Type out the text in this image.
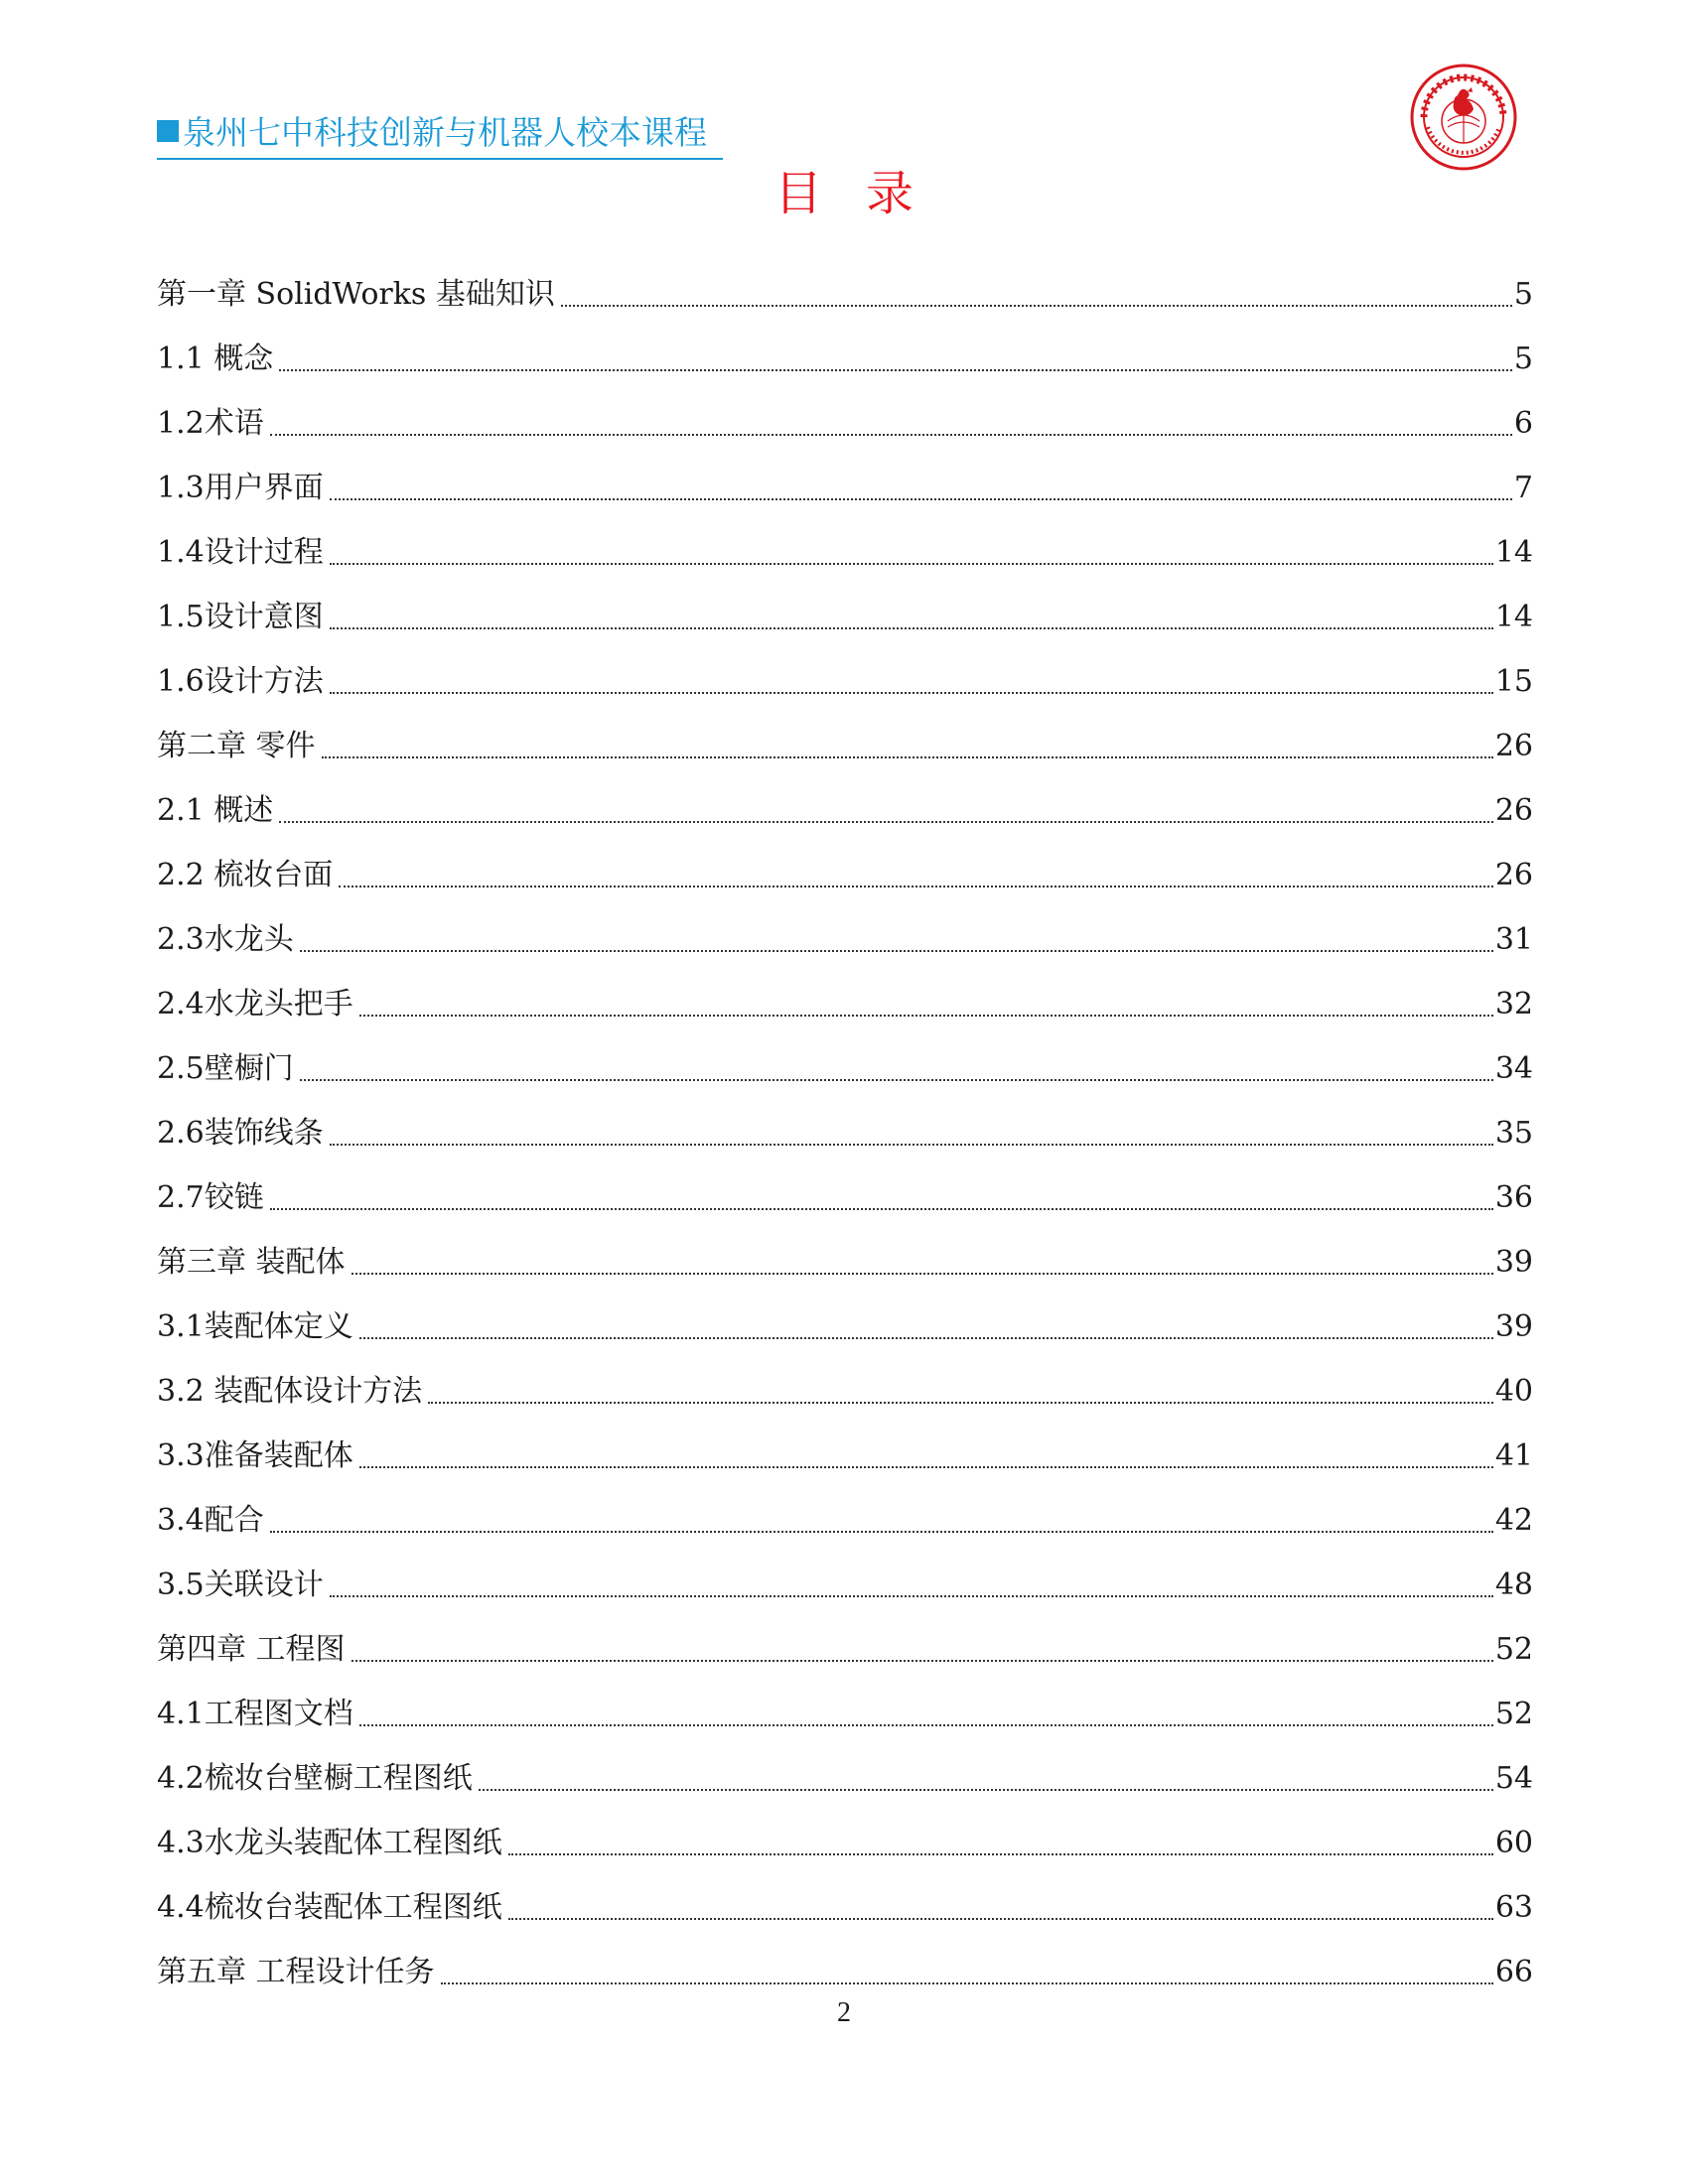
泉州七中科技创新与机器人校本课程
目录
第一章 SolidWorks 基础知识	5
1.1 概念	5
1.2术语	6
1.3用户界面	7
1.4设计过程	14
1.5设计意图	14
1.6设计方法	15
第二章 零件	26
2.1 概述	26
2.2 梳妆台面	26
2.3水龙头	31
2.4水龙头把手	32
2.5壁橱门	34
2.6装饰线条	35
2.7铰链	36
第三章 装配体	39
3.1装配体定义	39
3.2 装配体设计方法	40
3.3准备装配体	41
3.4配合	42
3.5关联设计	48
第四章 工程图	52
4.1工程图文档	52
4.2梳妆台壁橱工程图纸	54
4.3水龙头装配体工程图纸	60
4.4梳妆台装配体工程图纸	63
第五章 工程设计任务	66
2
